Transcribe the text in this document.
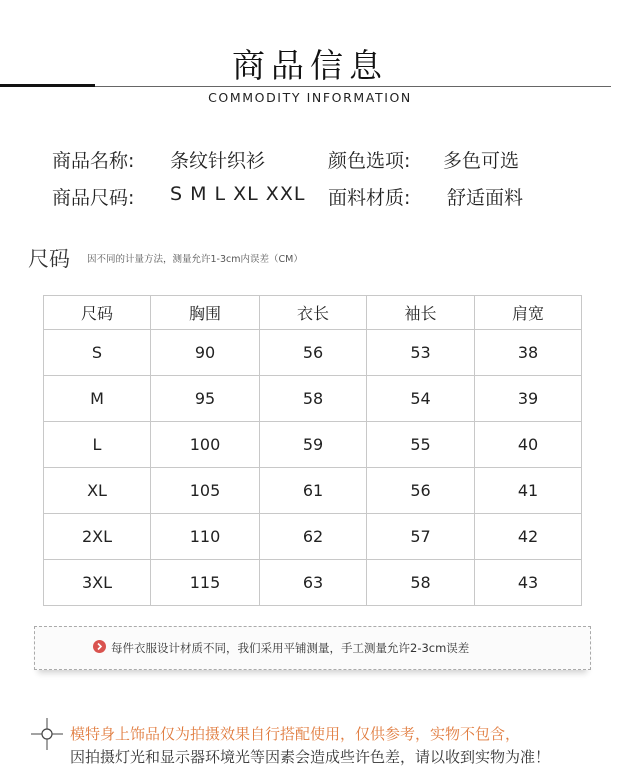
商品信息
COMMODITY INFORMATION
商品名称: 条纹针织衫	颜色选项: 多色可选
商品尺码: S M L XL XXL 面料材质: 舒适面料
尺码 因不同的计量方法，测量允许1-3cm内误差（CM）
尺码	胸围	衣长	袖长	肩宽
S	90	56	53	38
M	95	58	54	39
L	100	59	55	40
XL	105	61	56	41
2XL	110	62	57	42
3XL	115	63	58	43
每件衣服设计材质不同，我们采用平铺测量，手工测量允许2-3cm误差
模特身上饰品仅为拍摄效果自行搭配使用，仅供参考，实物不包含，
因拍摄灯光和显示器环境光等因素会造成些许色差，请以收到实物为准！
